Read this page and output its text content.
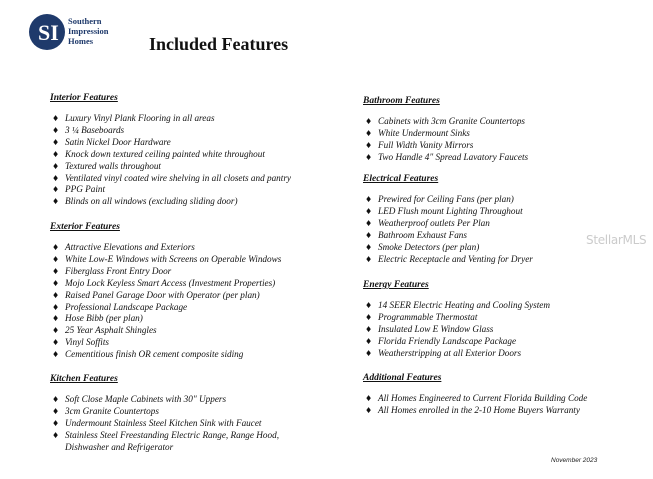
SI Southern
Impression
Homes	Included Features
Interior Features
♦ Luxury Vinyl Plank Flooring in all areas
♦ 3 ¼ Baseboards
♦ Satin Nickel Door Hardware
♦ Knock down textured ceiling painted white throughout
♦ Textured walls throughout
♦ Ventilated vinyl coated wire shelving in all closets and pantry
♦ PPG Paint
♦ Blinds on all windows (excluding sliding door)
Exterior Features
♦ Attractive Elevations and Exteriors
♦ White Low-E Windows with Screens on Operable Windows
♦ Fiberglass Front Entry Door
♦ Mojo Lock Keyless Smart Access (Investment Properties)
♦ Raised Panel Garage Door with Operator (per plan)
♦ Professional Landscape Package
♦ Hose Bibb (per plan)
♦ 25 Year Asphalt Shingles
♦ Vinyl Soffits
♦ Cementitious finish OR cement composite siding
Kitchen Features
♦ Soft Close Maple Cabinets with 30" Uppers
♦ 3cm Granite Countertops
♦ Undermount Stainless Steel Kitchen Sink with Faucet
♦ Stainless Steel Freestanding Electric Range, Range Hood, Dishwasher and Refrigerator
Bathroom Features
♦ Cabinets with 3cm Granite Countertops
♦ White Undermount Sinks
♦ Full Width Vanity Mirrors
♦ Two Handle 4" Spread Lavatory Faucets
Electrical Features
♦ Prewired for Ceiling Fans (per plan)
♦ LED Flush mount Lighting Throughout
♦ Weatherproof outlets Per Plan
♦ Bathroom Exhaust Fans
♦ Smoke Detectors (per plan)
♦ Electric Receptacle and Venting for Dryer
Energy Features
♦ 14 SEER Electric Heating and Cooling System
♦ Programmable Thermostat
♦ Insulated Low E Window Glass
♦ Florida Friendly Landscape Package
♦ Weatherstripping at all Exterior Doors
Additional Features
♦ All Homes Engineered to Current Florida Building Code
♦ All Homes enrolled in the 2-10 Home Buyers Warranty
StellarMLS
November 2023
